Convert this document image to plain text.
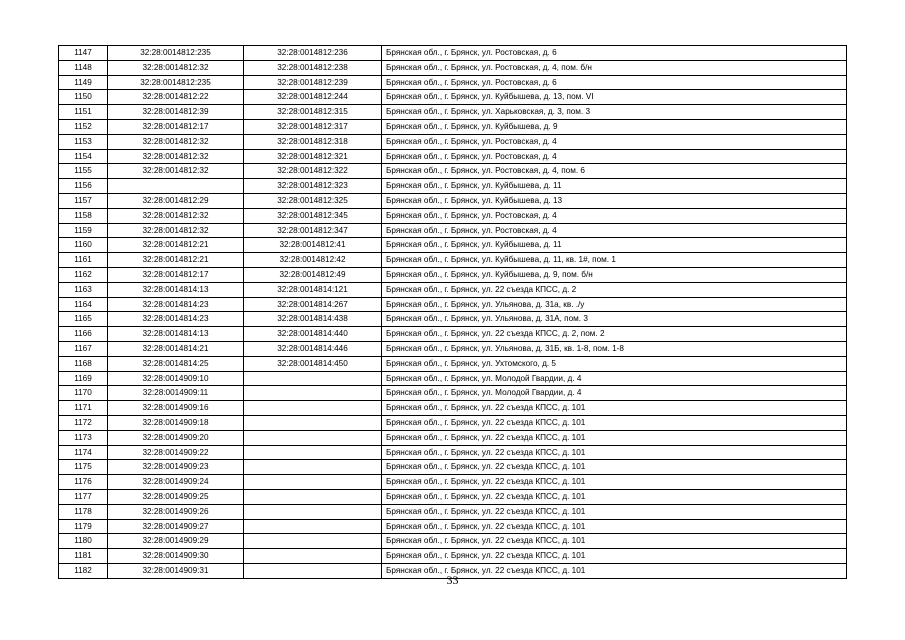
1147	32:28:0014812:235	32:28:0014812:236	Брянская обл., г. Брянск, ул. Ростовская, д. 6
1148	32:28:0014812:32	32:28:0014812:238	Брянская обл., г. Брянск, ул. Ростовская, д. 4, пом. б/н
1149	32:28:0014812:235	32:28:0014812:239	Брянская обл., г. Брянск, ул. Ростовская, д. 6
1150	32:28:0014812:22	32:28:0014812:244	Брянская обл., г. Брянск, ул. Куйбышева, д. 13, пом. VI
1151	32:28:0014812:39	32:28:0014812:315	Брянская обл., г. Брянск, ул. Харьковская, д. 3, пом. 3
1152	32:28:0014812:17	32:28:0014812:317	Брянская обл., г. Брянск, ул. Куйбышева, д. 9
1153	32:28:0014812:32	32:28:0014812:318	Брянская обл., г. Брянск, ул. Ростовская, д. 4
1154	32:28:0014812:32	32:28:0014812:321	Брянская обл., г. Брянск, ул. Ростовская, д. 4
1155	32:28:0014812:32	32:28:0014812:322	Брянская обл., г. Брянск, ул. Ростовская, д. 4, пом. 6
1156		32:28:0014812:323	Брянская обл., г. Брянск, ул. Куйбышева, д. 11
1157	32:28:0014812:29	32:28:0014812:325	Брянская обл., г. Брянск, ул. Куйбышева, д. 13
1158	32:28:0014812:32	32:28:0014812:345	Брянская обл., г. Брянск, ул. Ростовская, д. 4
1159	32:28:0014812:32	32:28:0014812:347	Брянская обл., г. Брянск, ул. Ростовская, д. 4
1160	32:28:0014812:21	32:28:0014812:41	Брянская обл., г. Брянск, ул. Куйбышева, д. 11
1161	32:28:0014812:21	32:28:0014812:42	Брянская обл., г. Брянск, ул. Куйбышева, д. 11, кв. 1#, пом. 1
1162	32:28:0014812:17	32:28:0014812:49	Брянская обл., г. Брянск, ул. Куйбышева, д. 9, пом. б/н
1163	32:28:0014814:13	32:28:0014814:121	Брянская обл., г. Брянск, ул. 22 съезда КПСС, д. 2
1164	32:28:0014814:23	32:28:0014814:267	Брянская обл., г. Брянск, ул. Ульянова, д. 31а, кв. ./у
1165	32:28:0014814:23	32:28:0014814:438	Брянская обл., г. Брянск, ул. Ульянова, д. 31А, пом. 3
1166	32:28:0014814:13	32:28:0014814:440	Брянская обл., г. Брянск, ул. 22 съезда КПСС, д. 2, пом. 2
1167	32:28:0014814:21	32:28:0014814:446	Брянская обл., г. Брянск, ул. Ульянова, д. 31Б, кв. 1-8, пом. 1-8
1168	32:28:0014814:25	32:28:0014814:450	Брянская обл., г. Брянск, ул. Ухтомского, д. 5
1169	32:28:0014909:10		Брянская обл., г. Брянск, ул. Молодой Гвардии, д. 4
1170	32:28:0014909:11		Брянская обл., г. Брянск, ул. Молодой Гвардии, д. 4
1171	32:28:0014909:16		Брянская обл., г. Брянск, ул. 22 съезда КПСС, д. 101
1172	32:28:0014909:18		Брянская обл., г. Брянск, ул. 22 съезда КПСС, д. 101
1173	32:28:0014909:20		Брянская обл., г. Брянск, ул. 22 съезда КПСС, д. 101
1174	32:28:0014909:22		Брянская обл., г. Брянск, ул. 22 съезда КПСС, д. 101
1175	32:28:0014909:23		Брянская обл., г. Брянск, ул. 22 съезда КПСС, д. 101
1176	32:28:0014909:24		Брянская обл., г. Брянск, ул. 22 съезда КПСС, д. 101
1177	32:28:0014909:25		Брянская обл., г. Брянск, ул. 22 съезда КПСС, д. 101
1178	32:28:0014909:26		Брянская обл., г. Брянск, ул. 22 съезда КПСС, д. 101
1179	32:28:0014909:27		Брянская обл., г. Брянск, ул. 22 съезда КПСС, д. 101
1180	32:28:0014909:29		Брянская обл., г. Брянск, ул. 22 съезда КПСС, д. 101
1181	32:28:0014909:30		Брянская обл., г. Брянск, ул. 22 съезда КПСС, д. 101
1182	32:28:0014909:31		Брянская обл., г. Брянск, ул. 22 съезда КПСС, д. 101
33
